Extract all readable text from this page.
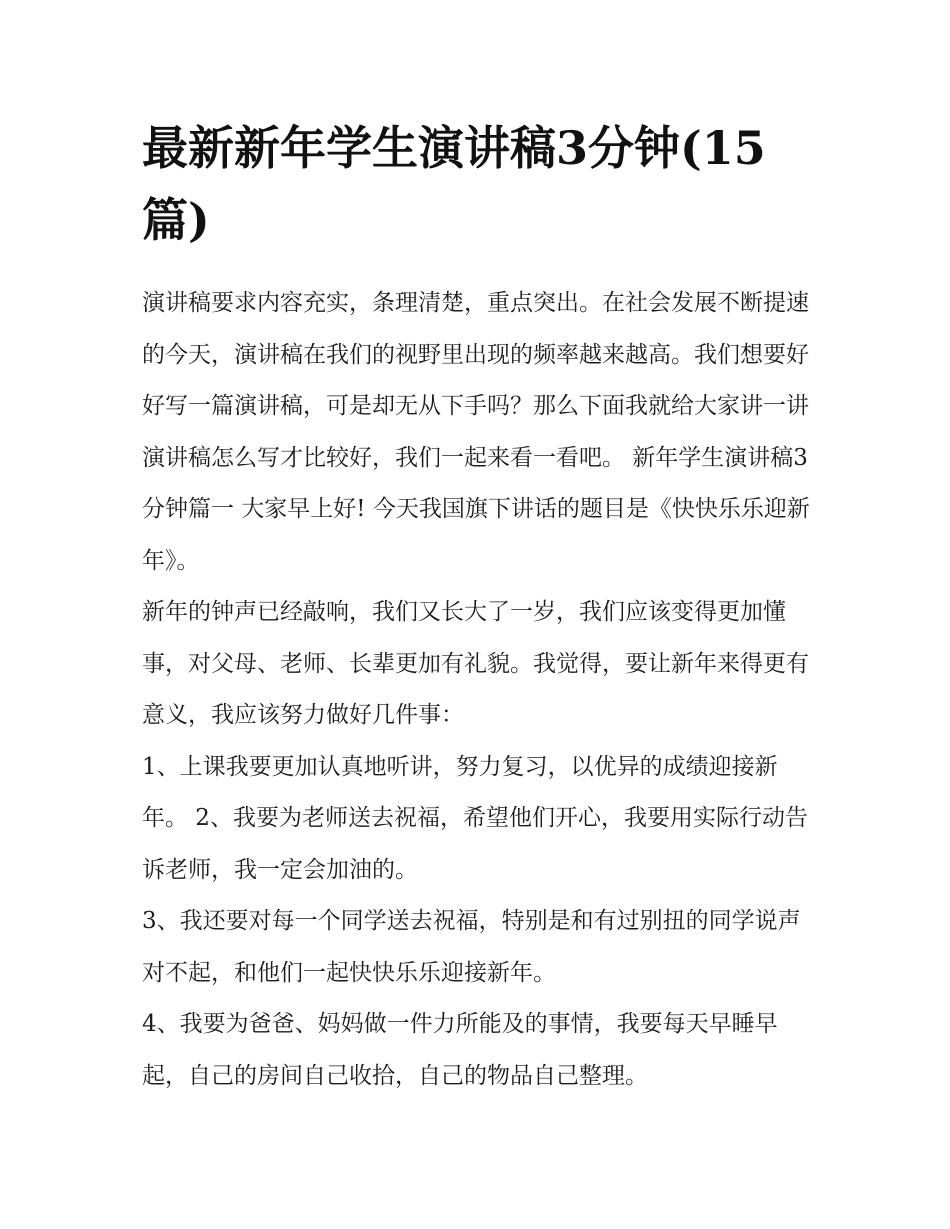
最新新年学生演讲稿3分钟(15篇)

演讲稿要求内容充实，条理清楚，重点突出。在社会发展不断提速的今天，演讲稿在我们的视野里出现的频率越来越高。我们想要好好写一篇演讲稿，可是却无从下手吗？那么下面我就给大家讲一讲演讲稿怎么写才比较好，我们一起来看一看吧。 新年学生演讲稿3分钟篇一 大家早上好! 今天我国旗下讲话的题目是《快快乐乐迎新年》。

新年的钟声已经敲响，我们又长大了一岁，我们应该变得更加懂事，对父母、老师、长辈更加有礼貌。我觉得，要让新年来得更有意义，我应该努力做好几件事：

1、上课我要更加认真地听讲，努力复习，以优异的成绩迎接新年。 2、我要为老师送去祝福，希望他们开心，我要用实际行动告诉老师，我一定会加油的。

3、我还要对每一个同学送去祝福，特别是和有过别扭的同学说声对不起，和他们一起快快乐乐迎接新年。

4、我要为爸爸、妈妈做一件力所能及的事情，我要每天早睡早起，自己的房间自己收拾，自己的物品自己整理。
